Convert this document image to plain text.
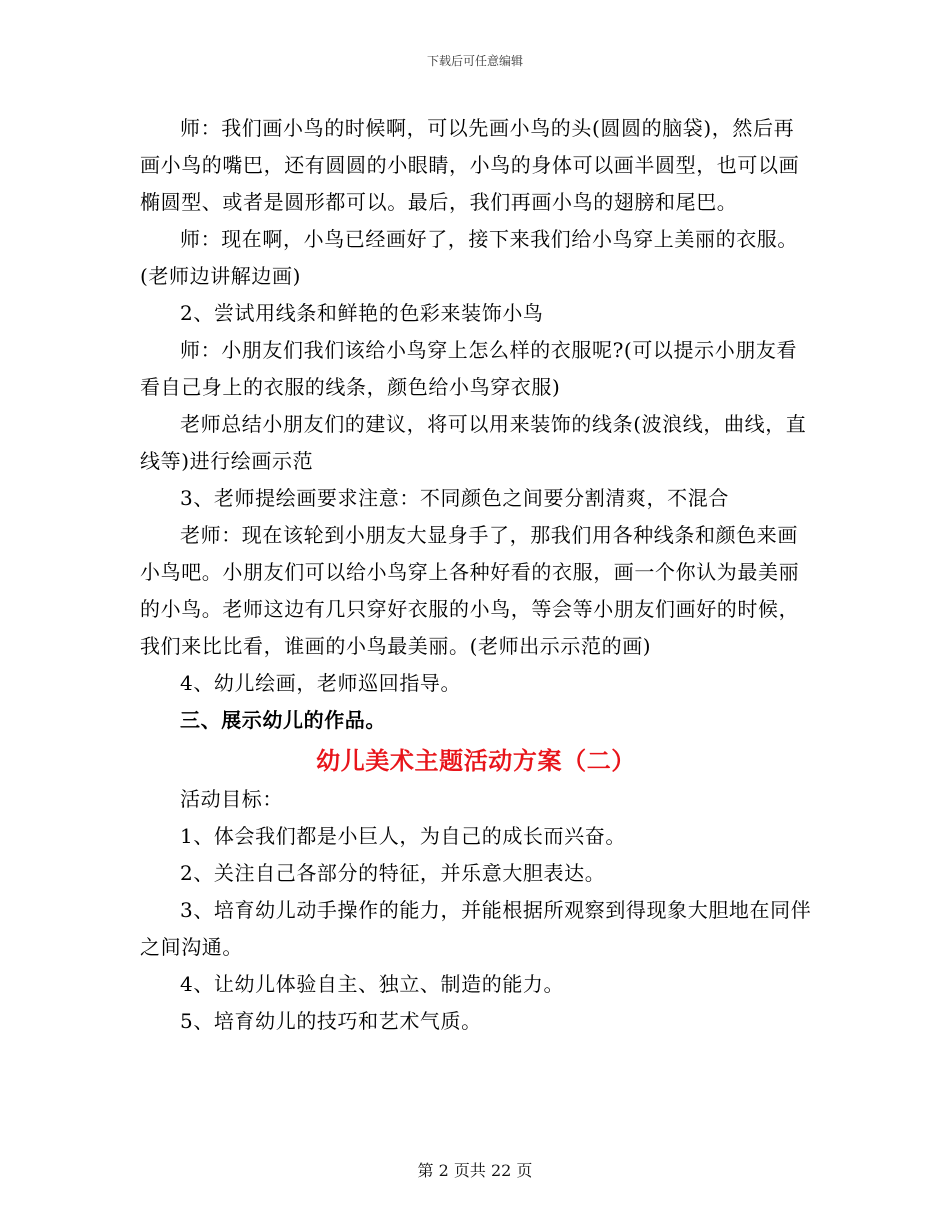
下载后可任意编辑

师：我们画小鸟的时候啊，可以先画小鸟的头(圆圆的脑袋)，然后再画小鸟的嘴巴，还有圆圆的小眼睛，小鸟的身体可以画半圆型，也可以画椭圆型、或者是圆形都可以。最后，我们再画小鸟的翅膀和尾巴。

师：现在啊，小鸟已经画好了，接下来我们给小鸟穿上美丽的衣服。(老师边讲解边画)

2、尝试用线条和鲜艳的色彩来装饰小鸟

师：小朋友们我们该给小鸟穿上怎么样的衣服呢?(可以提示小朋友看看自己身上的衣服的线条，颜色给小鸟穿衣服)

老师总结小朋友们的建议，将可以用来装饰的线条(波浪线，曲线，直线等)进行绘画示范

3、老师提绘画要求注意：不同颜色之间要分割清爽，不混合

老师：现在该轮到小朋友大显身手了，那我们用各种线条和颜色来画小鸟吧。小朋友们可以给小鸟穿上各种好看的衣服，画一个你认为最美丽的小鸟。老师这边有几只穿好衣服的小鸟，等会等小朋友们画好的时候，我们来比比看，谁画的小鸟最美丽。(老师出示示范的画)

4、幼儿绘画，老师巡回指导。

三、展示幼儿的作品。

幼儿美术主题活动方案（二）

活动目标：

1、体会我们都是小巨人，为自己的成长而兴奋。

2、关注自己各部分的特征，并乐意大胆表达。

3、培育幼儿动手操作的能力，并能根据所观察到得现象大胆地在同伴之间沟通。

4、让幼儿体验自主、独立、制造的能力。

5、培育幼儿的技巧和艺术气质。

第 2 页共 22 页
